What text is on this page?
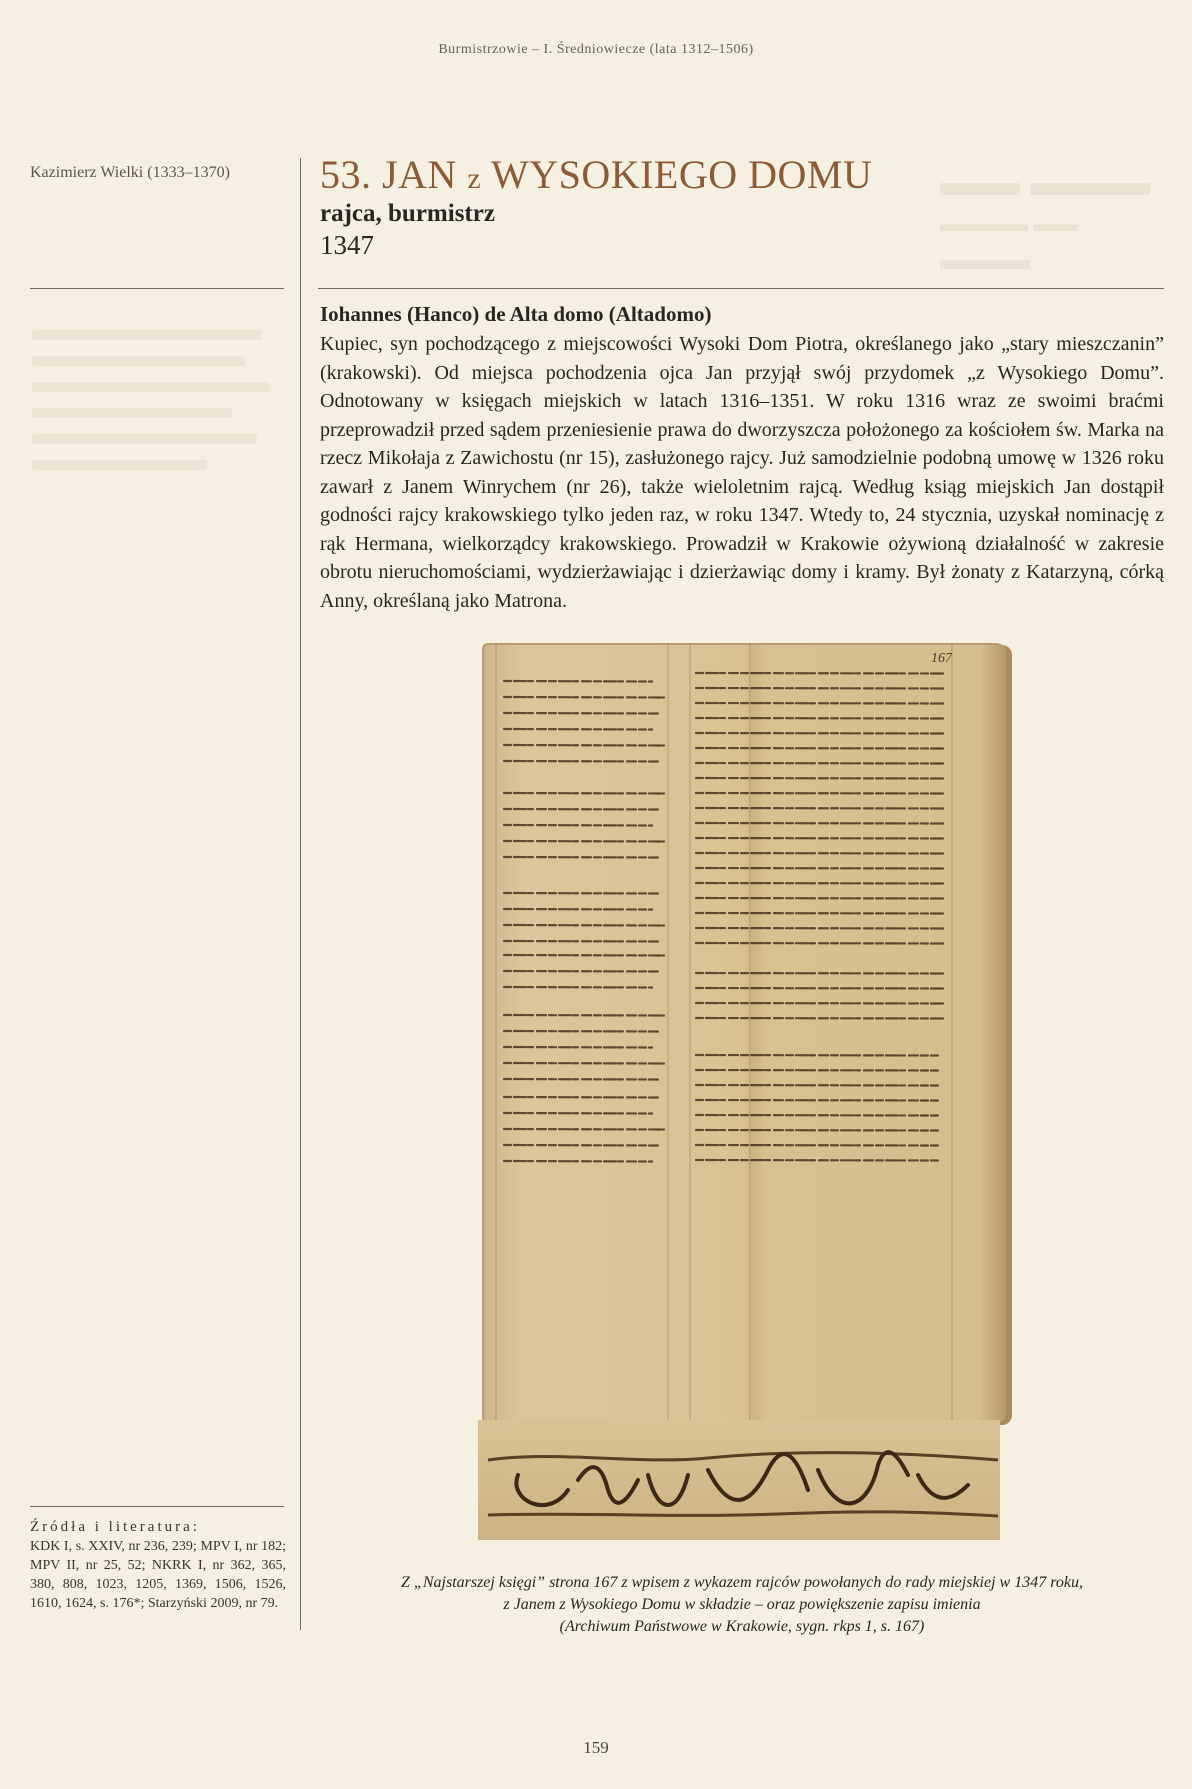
Burmistrzowie – I. Średniowiecze (lata 1312–1506)
Kazimierz Wielki (1333–1370)	▬▬ ▬▬▬
▬▬▬▬ ▬▬
▬▬▬
53. JAN z WYSOKIEGO DOMU
rajca, burmistrz
1347
Iohannes (Hanco) de Alta domo (Altadomo)
Kupiec, syn pochodzącego z miejscowości Wysoki Dom Piotra, określanego jako „stary mieszczanin” (krakowski). Od miejsca pochodzenia ojca Jan przyjął swój przydomek „z Wysokiego Domu”. Odnotowany w księgach miejskich w latach 1316–1351. W roku 1316 wraz ze swoimi braćmi przeprowadził przed sądem przeniesienie prawa do dworzyszcza położonego za kościołem św. Marka na rzecz Mikołaja z Zawichostu (nr 15), zasłużonego rajcy. Już samodzielnie podobną umowę w 1326 roku zawarł z Janem Winrychem (nr 26), także wieloletnim rajcą. Według ksiąg miejskich Jan dostąpił godności rajcy krakowskiego tylko jeden raz, w roku 1347. Wtedy to, 24 stycznia, uzyskał nominację z rąk Hermana, wielkorządcy krakowskiego. Prowadził w Krakowie ożywioną działalność w zakresie obrotu nieruchomościami, wydzierżawiając i dzierżawiąc domy i kramy. Był żonaty z Katarzyną, córką Anny, określaną jako Matrona.
167
Z „Najstarszej księgi” strona 167 z wpisem z wykazem rajców powołanych do rady miejskiej w 1347 roku,
z Janem z Wysokiego Domu w składzie – oraz powiększenie zapisu imienia
(Archiwum Państwowe w Krakowie, sygn. rkps 1, s. 167)
Źródła i literatura:
KDK I, s. XXIV, nr 236, 239; MPV I, nr 182; MPV II, nr 25, 52; NKRK I, nr 362, 365, 380, 808, 1023, 1205, 1369, 1506, 1526, 1610, 1624, s. 176*; Starzyński 2009, nr 79.
159
